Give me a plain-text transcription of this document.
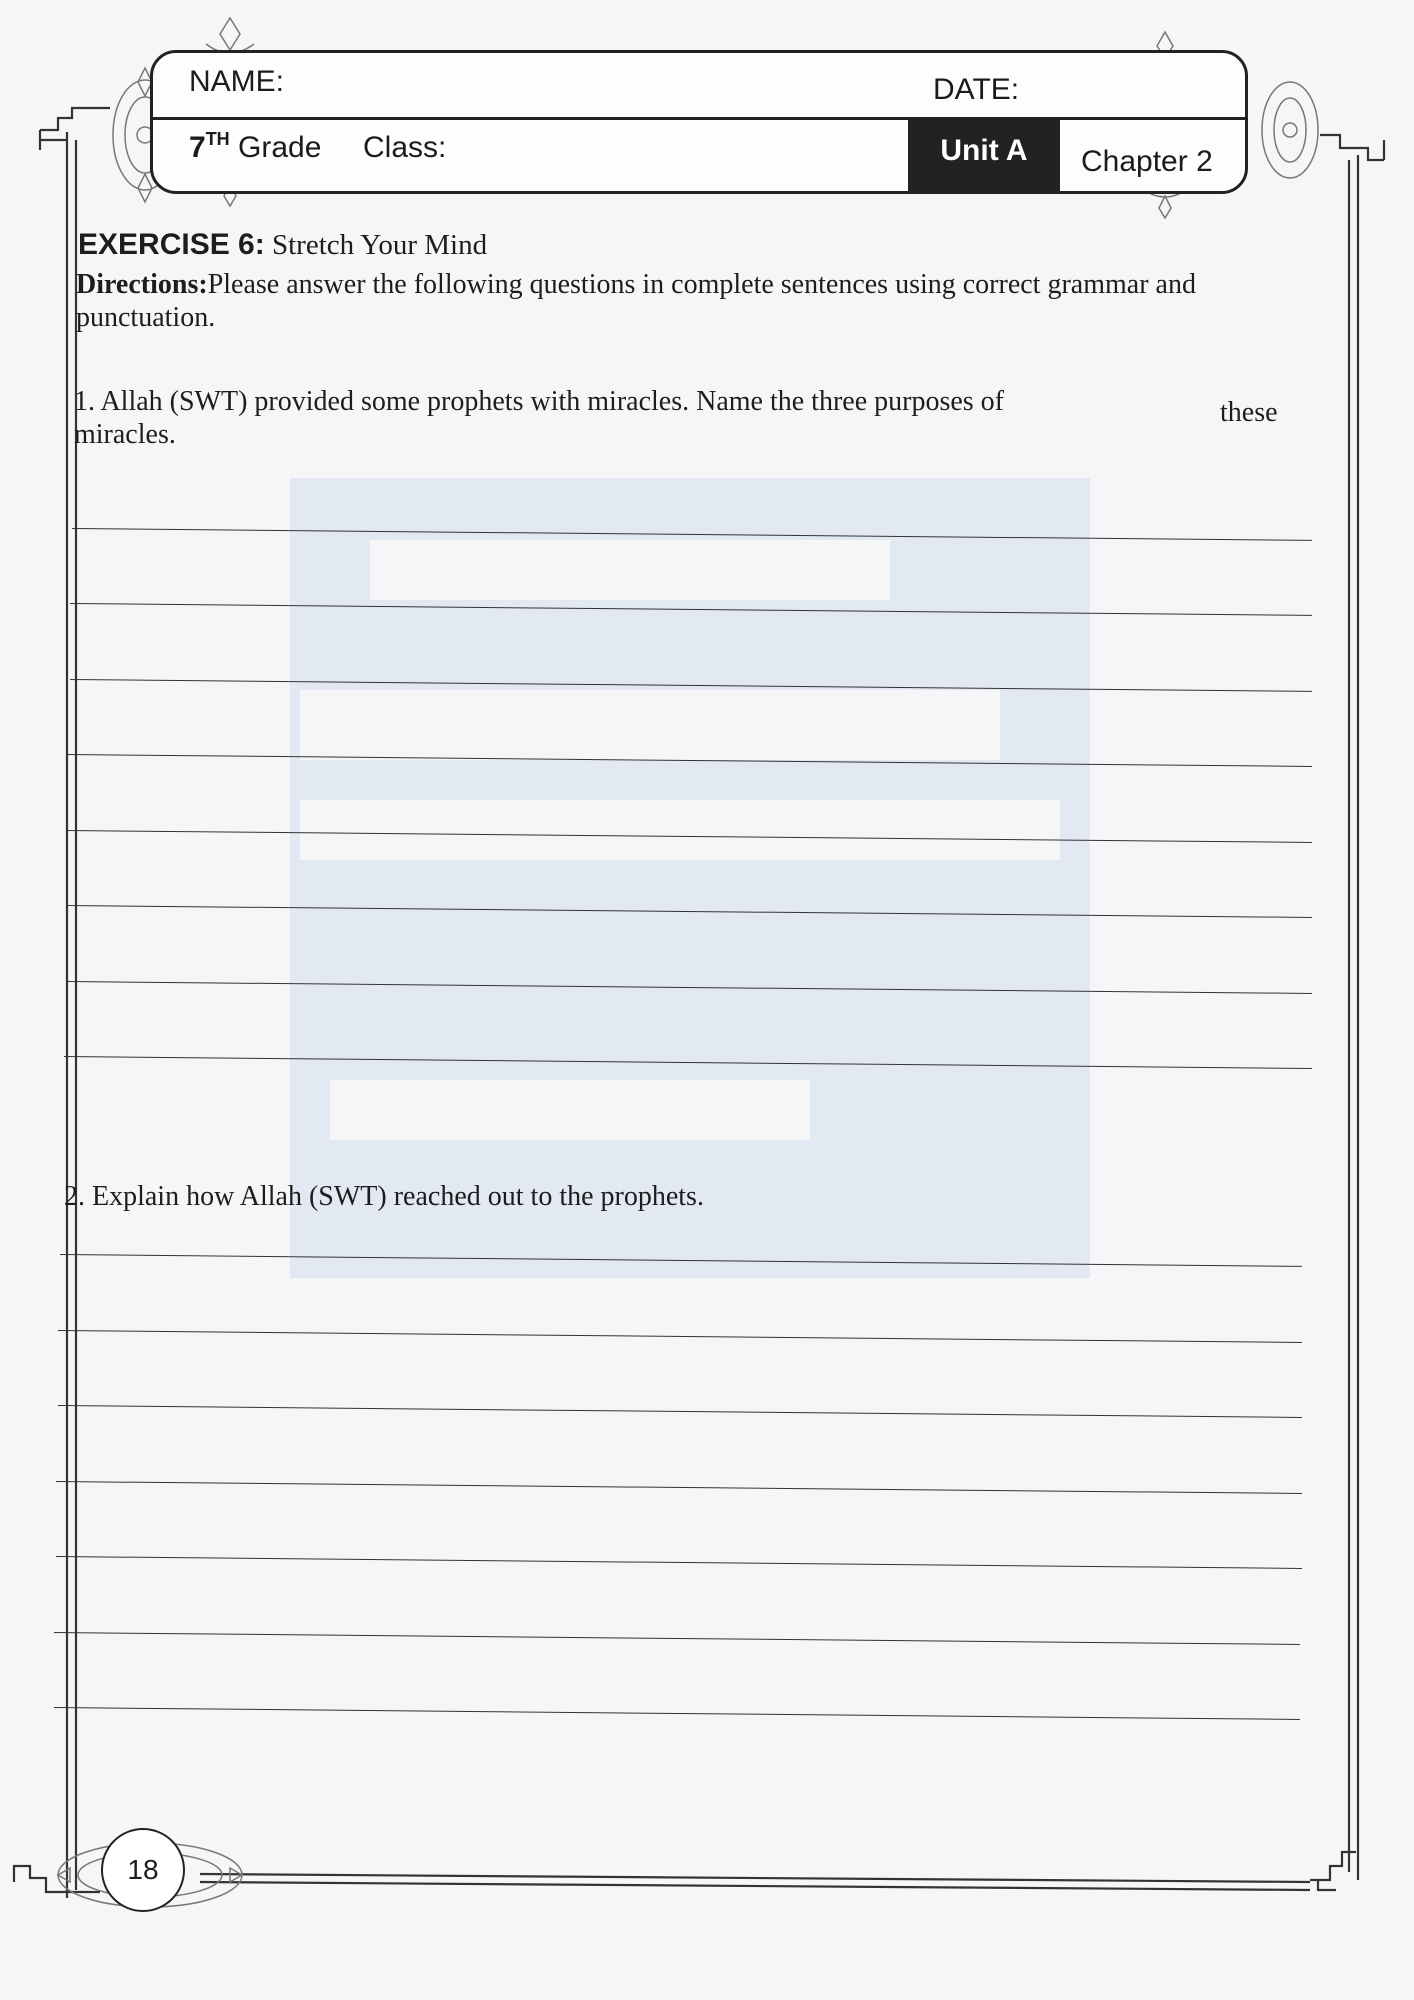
NAME:	DATE:
7TH Grade Class:	Unit A	Chapter 2
EXERCISE 6: Stretch Your Mind
Directions:Please answer the following questions in complete sentences using correct grammar and punctuation.
1. Allah (SWT) provided some prophets with miracles. Name the three purposes of
miracles.
these
2. Explain how Allah (SWT) reached out to the prophets.
18
